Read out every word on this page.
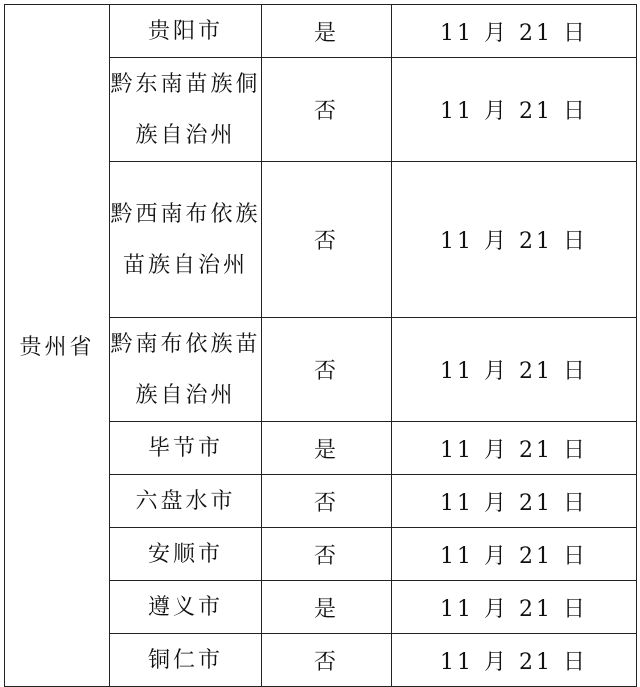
贵州省	贵阳市	是	11 月 21 日
	黔东南苗族侗族自治州	否	11 月 21 日
	黔西南布依族苗族自治州	否	11 月 21 日
	黔南布依族苗族自治州	否	11 月 21 日
	毕节市	是	11 月 21 日
	六盘水市	否	11 月 21 日
	安顺市	否	11 月 21 日
	遵义市	是	11 月 21 日
	铜仁市	否	11 月 21 日
